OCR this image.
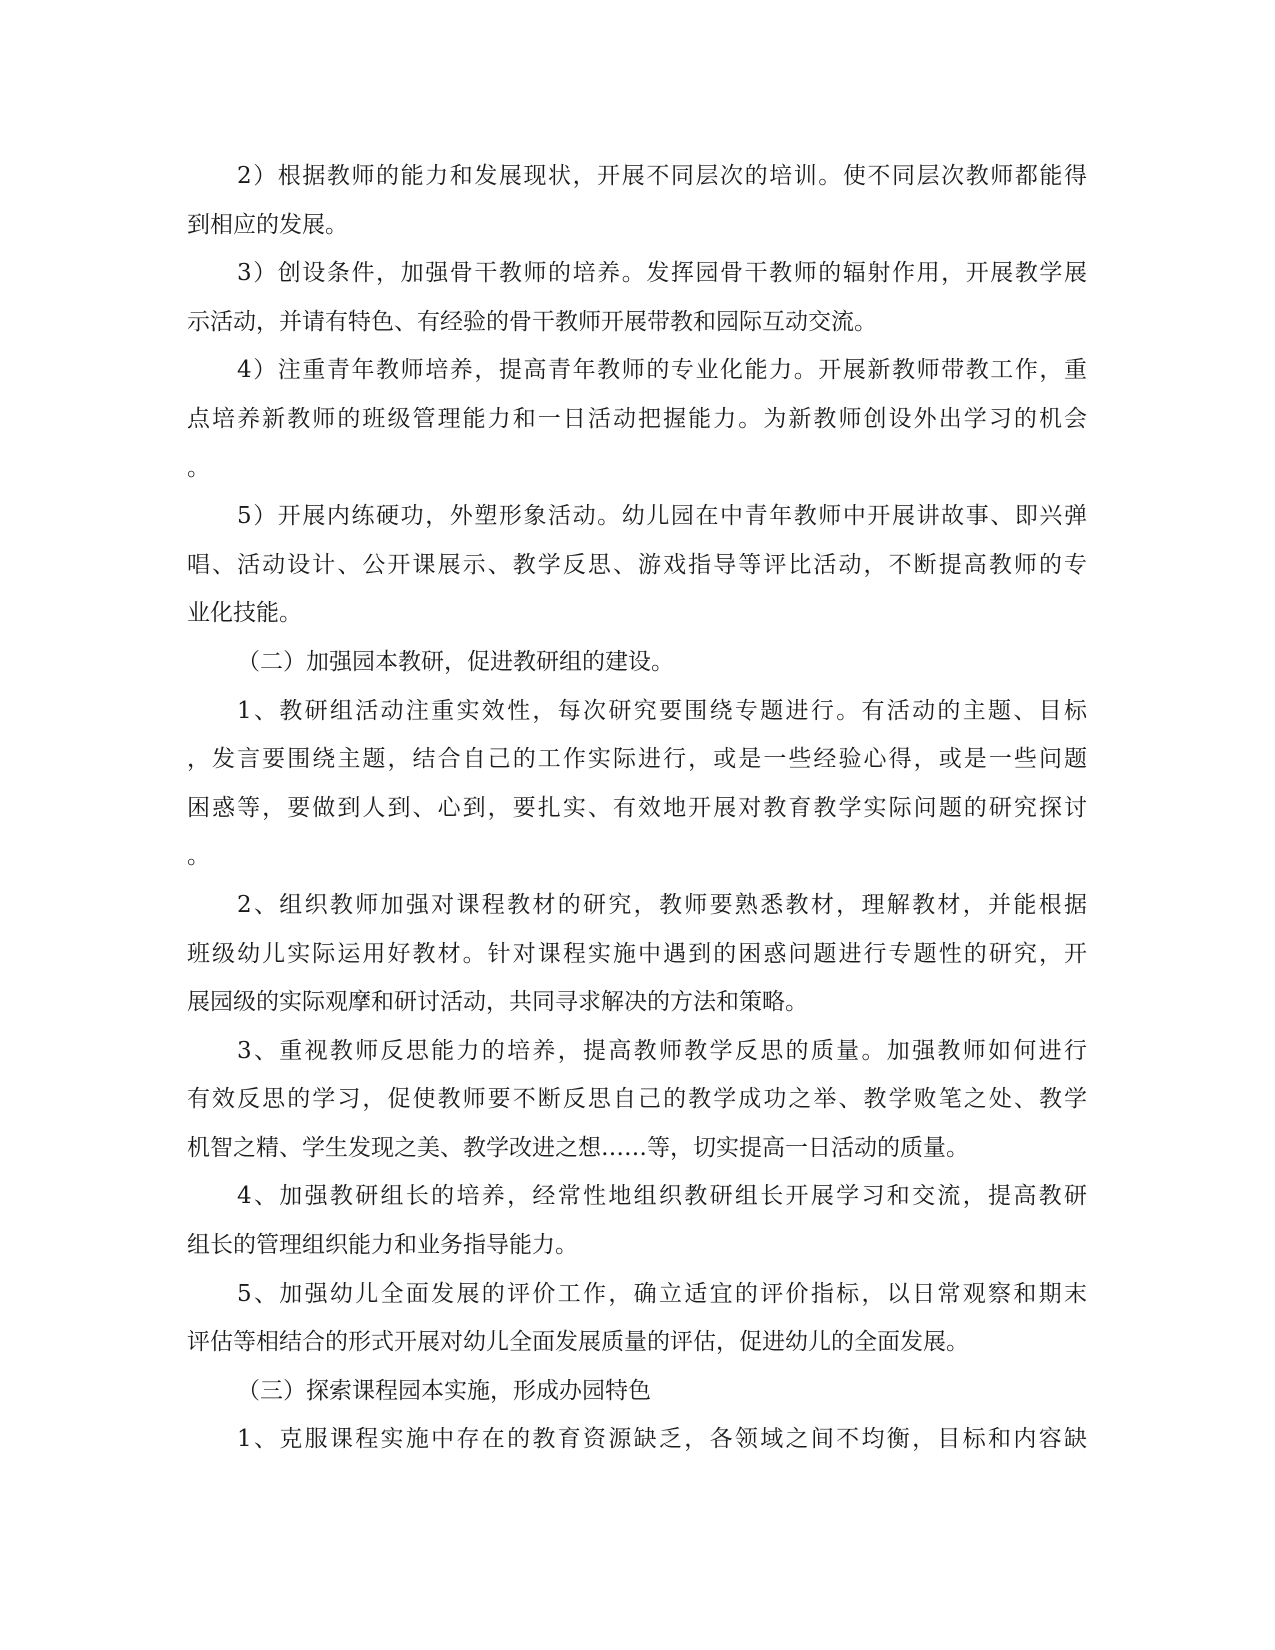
2）根据教师的能力和发展现状，开展不同层次的培训。使不同层次教师都能得
到相应的发展。
3）创设条件，加强骨干教师的培养。发挥园骨干教师的辐射作用，开展教学展
示活动，并请有特色、有经验的骨干教师开展带教和园际互动交流。
4）注重青年教师培养，提高青年教师的专业化能力。开展新教师带教工作，重
点培养新教师的班级管理能力和一日活动把握能力。为新教师创设外出学习的机会
。
5）开展内练硬功，外塑形象活动。幼儿园在中青年教师中开展讲故事、即兴弹
唱、活动设计、公开课展示、教学反思、游戏指导等评比活动，不断提高教师的专
业化技能。
（二）加强园本教研，促进教研组的建设。
1、教研组活动注重实效性，每次研究要围绕专题进行。有活动的主题、目标
，发言要围绕主题，结合自己的工作实际进行，或是一些经验心得，或是一些问题
困惑等，要做到人到、心到，要扎实、有效地开展对教育教学实际问题的研究探讨
。
2、组织教师加强对课程教材的研究，教师要熟悉教材，理解教材，并能根据
班级幼儿实际运用好教材。针对课程实施中遇到的困惑问题进行专题性的研究，开
展园级的实际观摩和研讨活动，共同寻求解决的方法和策略。
3、重视教师反思能力的培养，提高教师教学反思的质量。加强教师如何进行
有效反思的学习，促使教师要不断反思自己的教学成功之举、教学败笔之处、教学
机智之精、学生发现之美、教学改进之想……等，切实提高一日活动的质量。
4、加强教研组长的培养，经常性地组织教研组长开展学习和交流，提高教研
组长的管理组织能力和业务指导能力。
5、加强幼儿全面发展的评价工作，确立适宜的评价指标，以日常观察和期末
评估等相结合的形式开展对幼儿全面发展质量的评估，促进幼儿的全面发展。
（三）探索课程园本实施，形成办园特色
1、克服课程实施中存在的教育资源缺乏，各领域之间不均衡，目标和内容缺
